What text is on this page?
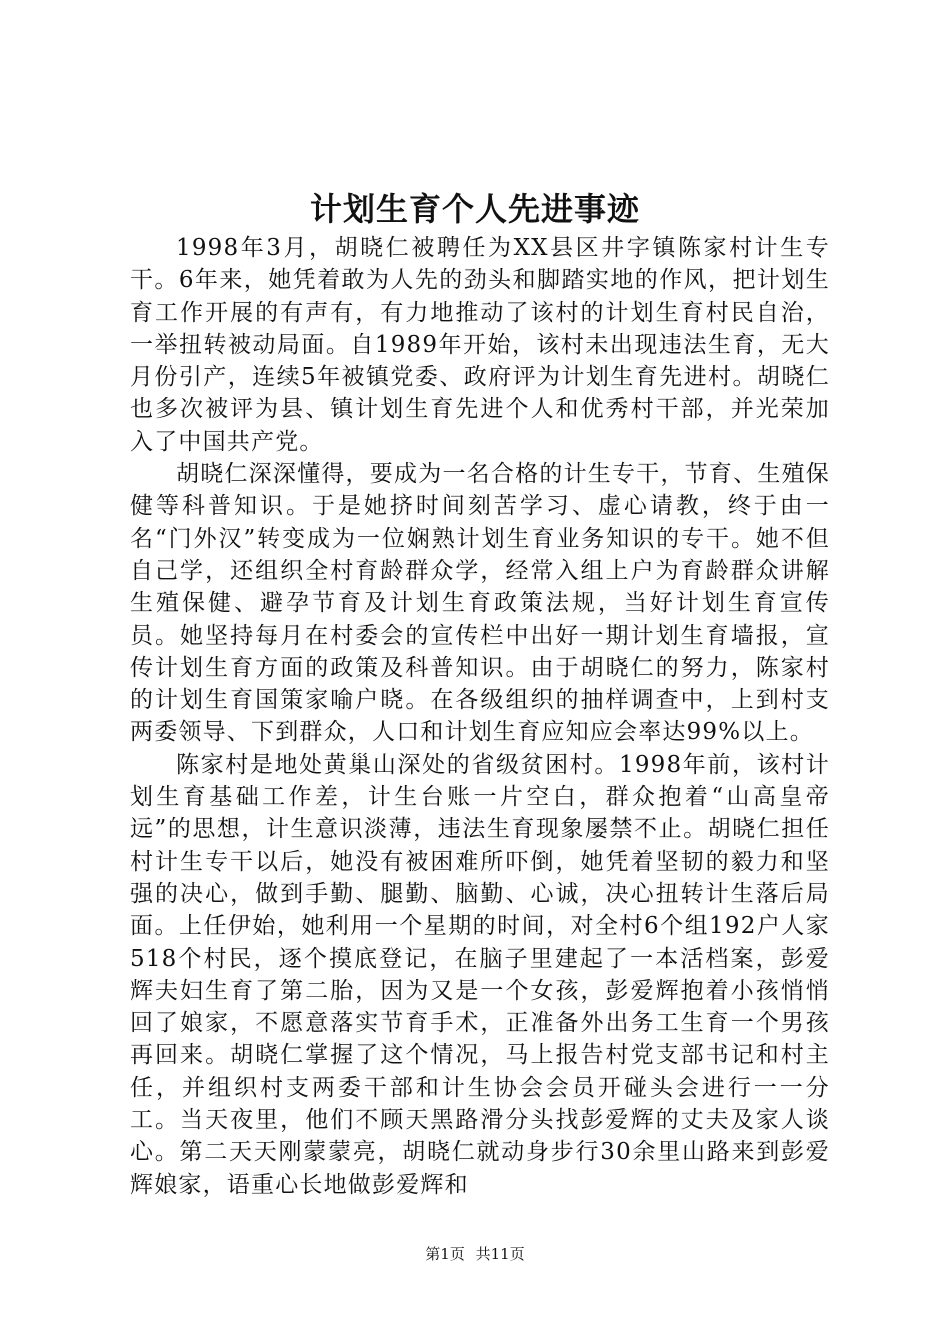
计划生育个人先进事迹

1998年3月，胡晓仁被聘任为XX县区井字镇陈家村计生专干。6年来，她凭着敢为人先的劲头和脚踏实地的作风，把计划生育工作开展的有声有，有力地推动了该村的计划生育村民自治，一举扭转被动局面。自1989年开始，该村未出现违法生育，无大月份引产，连续5年被镇党委、政府评为计划生育先进村。胡晓仁也多次被评为县、镇计划生育先进个人和优秀村干部，并光荣加入了中国共产党。

胡晓仁深深懂得，要成为一名合格的计生专干，节育、生殖保健等科普知识。于是她挤时间刻苦学习、虚心请教，终于由一名“门外汉”转变成为一位娴熟计划生育业务知识的专干。她不但自己学，还组织全村育龄群众学，经常入组上户为育龄群众讲解生殖保健、避孕节育及计划生育政策法规，当好计划生育宣传员。她坚持每月在村委会的宣传栏中出好一期计划生育墙报，宣传计划生育方面的政策及科普知识。由于胡晓仁的努力，陈家村的计划生育国策家喻户晓。在各级组织的抽样调查中，上到村支两委领导、下到群众，人口和计划生育应知应会率达99%以上。

陈家村是地处黄巢山深处的省级贫困村。1998年前，该村计划生育基础工作差，计生台账一片空白，群众抱着“山高皇帝远”的思想，计生意识淡薄，违法生育现象屡禁不止。胡晓仁担任村计生专干以后，她没有被困难所吓倒，她凭着坚韧的毅力和坚强的决心，做到手勤、腿勤、脑勤、心诚，决心扭转计生落后局面。上任伊始，她利用一个星期的时间，对全村6个组192户人家518个村民，逐个摸底登记，在脑子里建起了一本活档案，彭爱辉夫妇生育了第二胎，因为又是一个女孩，彭爱辉抱着小孩悄悄回了娘家，不愿意落实节育手术，正准备外出务工生育一个男孩再回来。胡晓仁掌握了这个情况，马上报告村党支部书记和村主任，并组织村支两委干部和计生协会会员开碰头会进行一一分工。当天夜里，他们不顾天黑路滑分头找彭爱辉的丈夫及家人谈心。第二天天刚蒙蒙亮，胡晓仁就动身步行30余里山路来到彭爱辉娘家，语重心长地做彭爱辉和

第1页 共11页
